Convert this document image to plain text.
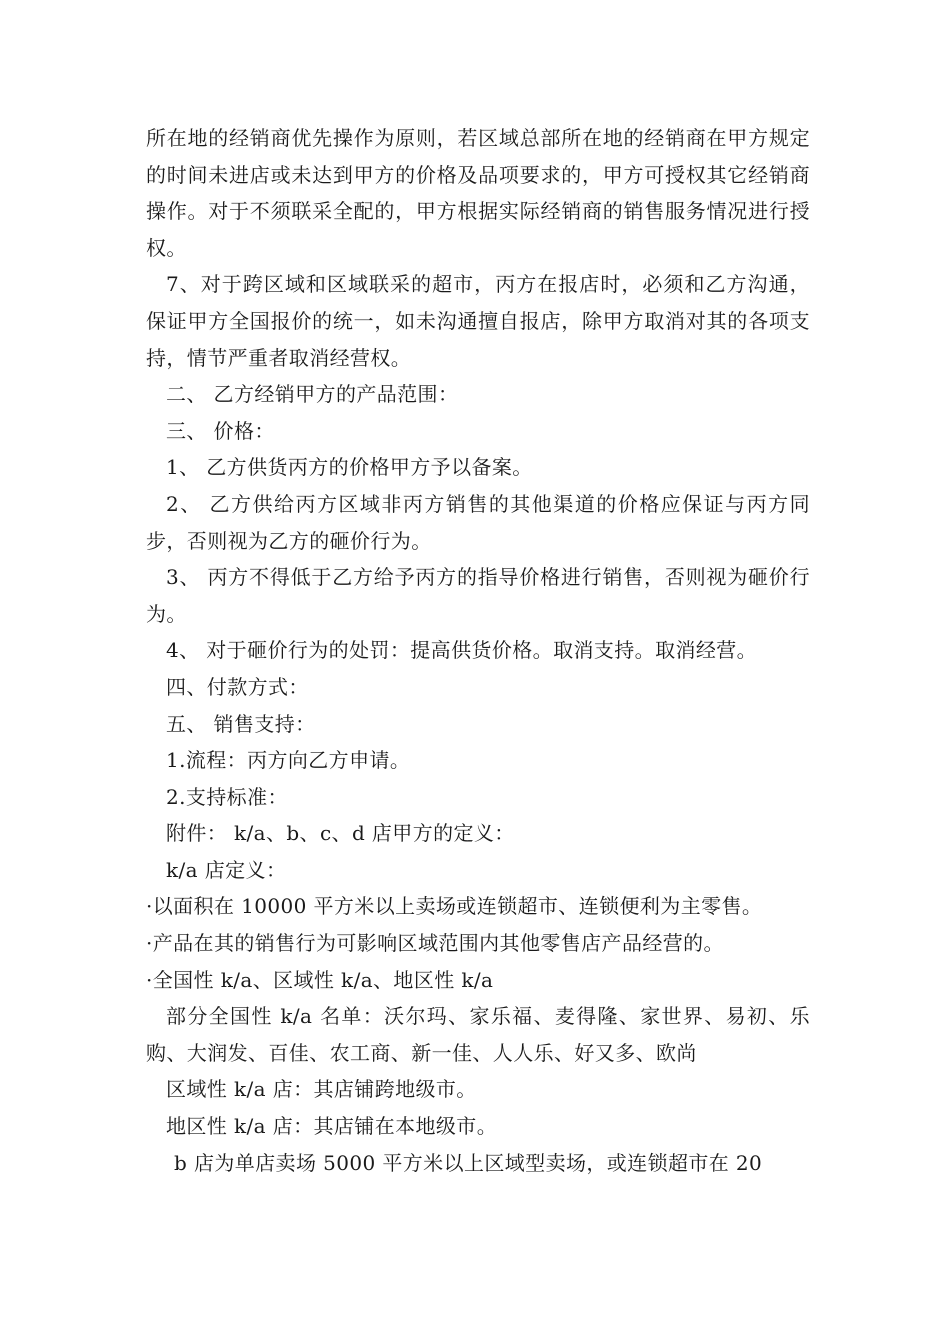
所在地的经销商优先操作为原则，若区域总部所在地的经销商在甲方规定的时间未进店或未达到甲方的价格及品项要求的，甲方可授权其它经销商操作。对于不须联采全配的，甲方根据实际经销商的销售服务情况进行授权。

7、对于跨区域和区域联采的超市，丙方在报店时，必须和乙方沟通，保证甲方全国报价的统一，如未沟通擅自报店，除甲方取消对其的各项支持，情节严重者取消经营权。

二、 乙方经销甲方的产品范围：

三、 价格：

1、 乙方供货丙方的价格甲方予以备案。

2、 乙方供给丙方区域非丙方销售的其他渠道的价格应保证与丙方同步，否则视为乙方的砸价行为。

3、 丙方不得低于乙方给予丙方的指导价格进行销售，否则视为砸价行为。

4、 对于砸价行为的处罚：提高供货价格。取消支持。取消经营。

四、付款方式：

五、 销售支持：

1.流程：丙方向乙方申请。

2.支持标准：

附件： k/a、b、c、d 店甲方的定义：

k/a 店定义：

·以面积在 10000 平方米以上卖场或连锁超市、连锁便利为主零售。

·产品在其的销售行为可影响区域范围内其他零售店产品经营的。

·全国性 k/a、区域性 k/a、地区性 k/a

部分全国性 k/a 名单：沃尔玛、家乐福、麦得隆、家世界、易初、乐购、大润发、百佳、农工商、新一佳、人人乐、好又多、欧尚

区域性 k/a 店：其店铺跨地级市。

地区性 k/a 店：其店铺在本地级市。

b 店为单店卖场 5000 平方米以上区域型卖场，或连锁超市在 20
